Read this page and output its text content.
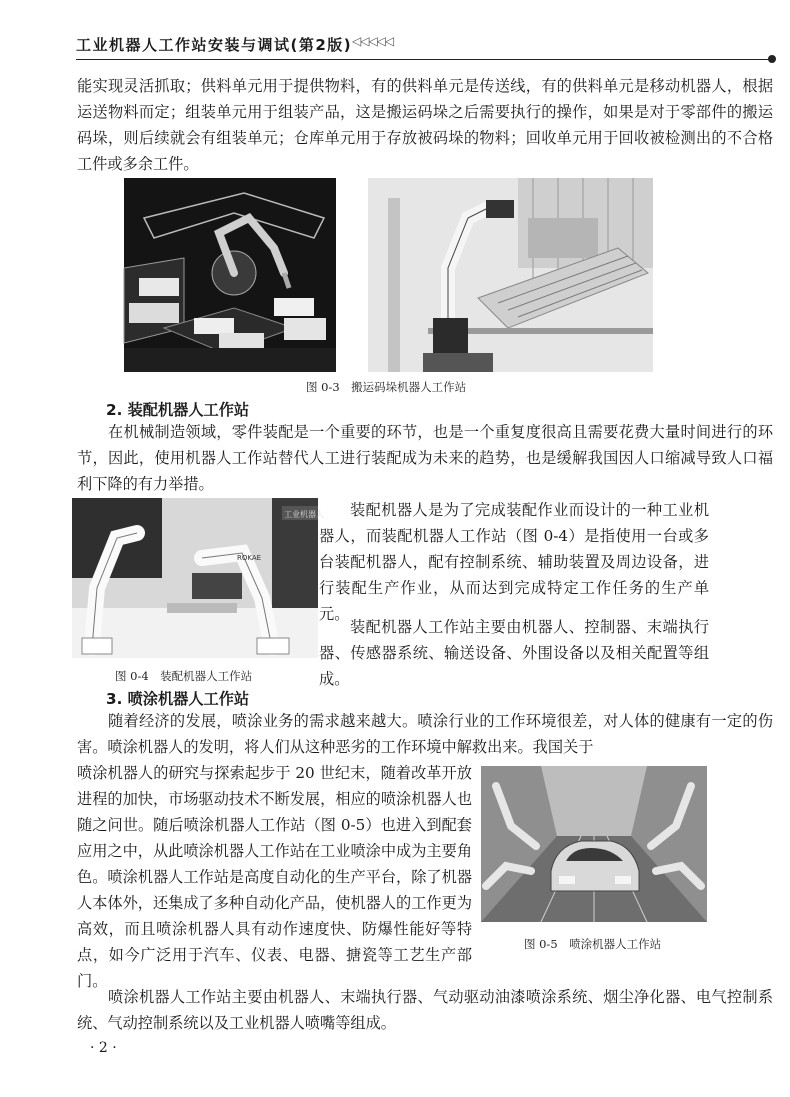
工业机器人工作站安装与调试(第2版) ◁◁◁◁◁
能实现灵活抓取；供料单元用于提供物料，有的供料单元是传送线，有的供料单元是移动机器人，根据运送物料而定；组装单元用于组装产品，这是搬运码垛之后需要执行的操作，如果是对于零部件的搬运码垛，则后续就会有组装单元；仓库单元用于存放被码垛的物料；回收单元用于回收被检测出的不合格工件或多余工件。
图 0-3　搬运码垛机器人工作站
2. 装配机器人工作站
在机械制造领域，零件装配是一个重要的环节，也是一个重复度很高且需要花费大量时间进行的环节，因此，使用机器人工作站替代人工进行装配成为未来的趋势，也是缓解我国因人口缩减导致人口福利下降的有力举措。
工业机器人
ROKAE
装配机器人是为了完成装配作业而设计的一种工业机器人，而装配机器人工作站（图 0-4）是指使用一台或多台装配机器人，配有控制系统、辅助装置及周边设备，进行装配生产作业，从而达到完成特定工作任务的生产单元。
装配机器人工作站主要由机器人、控制器、末端执行器、传感器系统、输送设备、外围设备以及相关配置等组成。
图 0-4　装配机器人工作站
3. 喷涂机器人工作站
随着经济的发展，喷涂业务的需求越来越大。喷涂行业的工作环境很差，对人体的健康有一定的伤害。喷涂机器人的发明，将人们从这种恶劣的工作环境中解救出来。我国关于
喷涂机器人的研究与探索起步于 20 世纪末，随着改革开放进程的加快，市场驱动技术不断发展，相应的喷涂机器人也随之问世。随后喷涂机器人工作站（图 0-5）也进入到配套应用之中，从此喷涂机器人工作站在工业喷涂中成为主要角色。喷涂机器人工作站是高度自动化的生产平台，除了机器人本体外，还集成了多种自动化产品，使机器人的工作更为高效，而且喷涂机器人具有动作速度快、防爆性能好等特点，如今广泛用于汽车、仪表、电器、搪瓷等工艺生产部门。
图 0-5　喷涂机器人工作站
喷涂机器人工作站主要由机器人、末端执行器、气动驱动油漆喷涂系统、烟尘净化器、电气控制系统、气动控制系统以及工业机器人喷嘴等组成。
· 2 ·
